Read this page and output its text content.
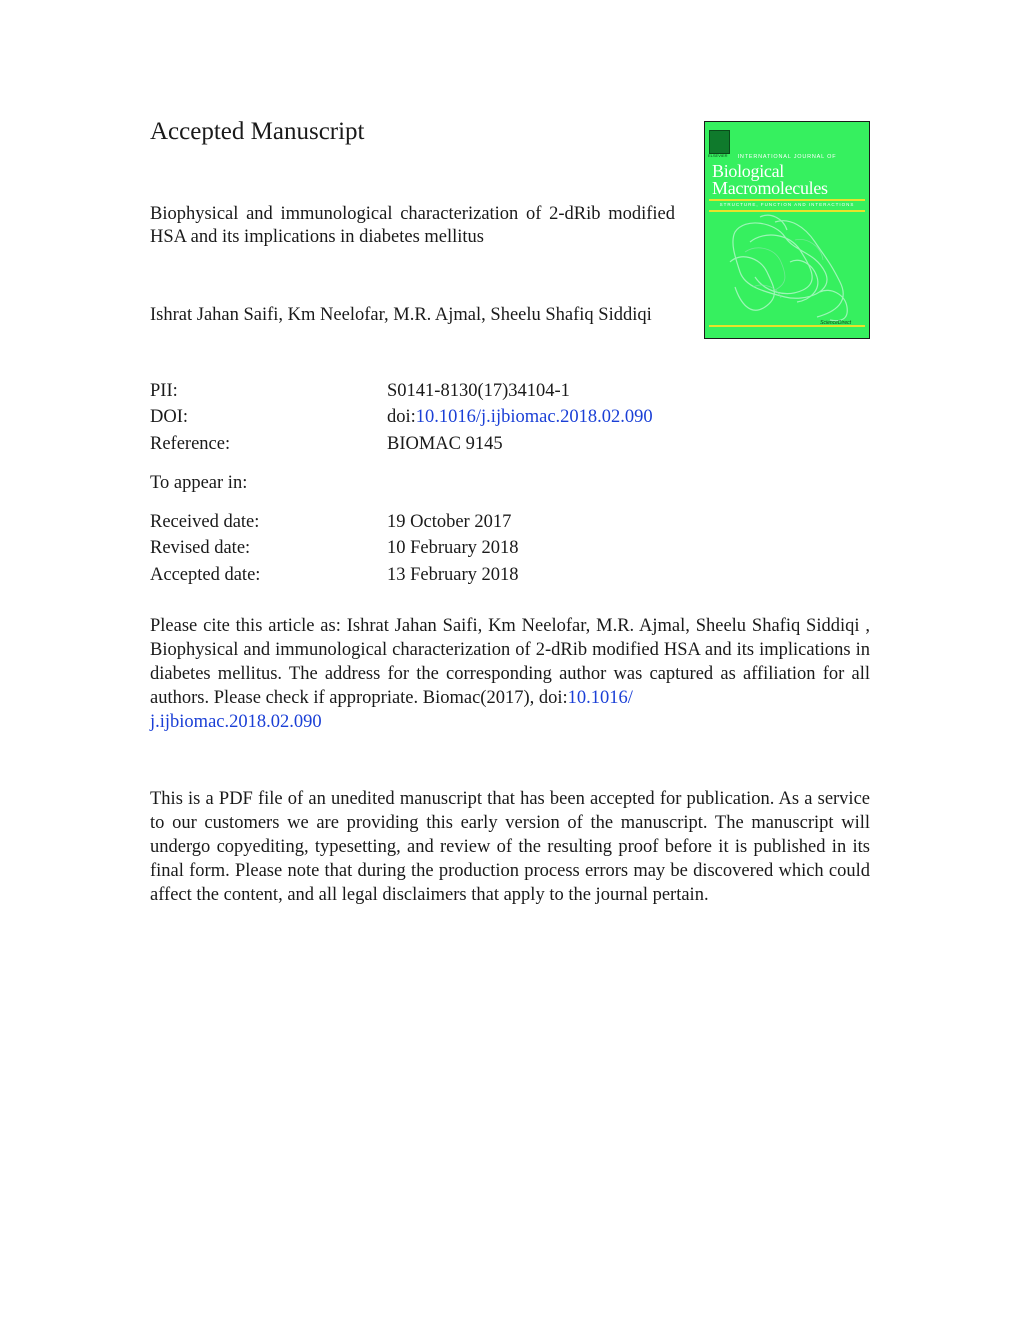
Accepted Manuscript
Biophysical and immunological characterization of 2-dRib modified HSA and its implications in diabetes mellitus
Ishrat Jahan Saifi, Km Neelofar, M.R. Ajmal, Sheelu Shafiq Siddiqi
PII:	S0141-8130(17)34104-1
DOI:	doi:10.1016/j.ijbiomac.2018.02.090
Reference:	BIOMAC 9145
To appear in:
Received date:	19 October 2017
Revised date:	10 February 2018
Accepted date:	13 February 2018
Please cite this article as: Ishrat Jahan Saifi, Km Neelofar, M.R. Ajmal, Sheelu Shafiq Siddiqi , Biophysical and immunological characterization of 2-dRib modified HSA and its implications in diabetes mellitus. The address for the corresponding author was captured as affiliation for all authors. Please check if appropriate. Biomac(2017), doi:10.1016/
j.ijbiomac.2018.02.090
This is a PDF file of an unedited manuscript that has been accepted for publication. As a service to our customers we are providing this early version of the manuscript. The manuscript will undergo copyediting, typesetting, and review of the resulting proof before it is published in its final form. Please note that during the production process errors may be discovered which could affect the content, and all legal disclaimers that apply to the journal pertain.
ELSEVIER	INTERNATIONAL JOURNAL OF
Biological
Macromolecules
STRUCTURE, FUNCTION AND INTERACTIONS
ScienceDirect
